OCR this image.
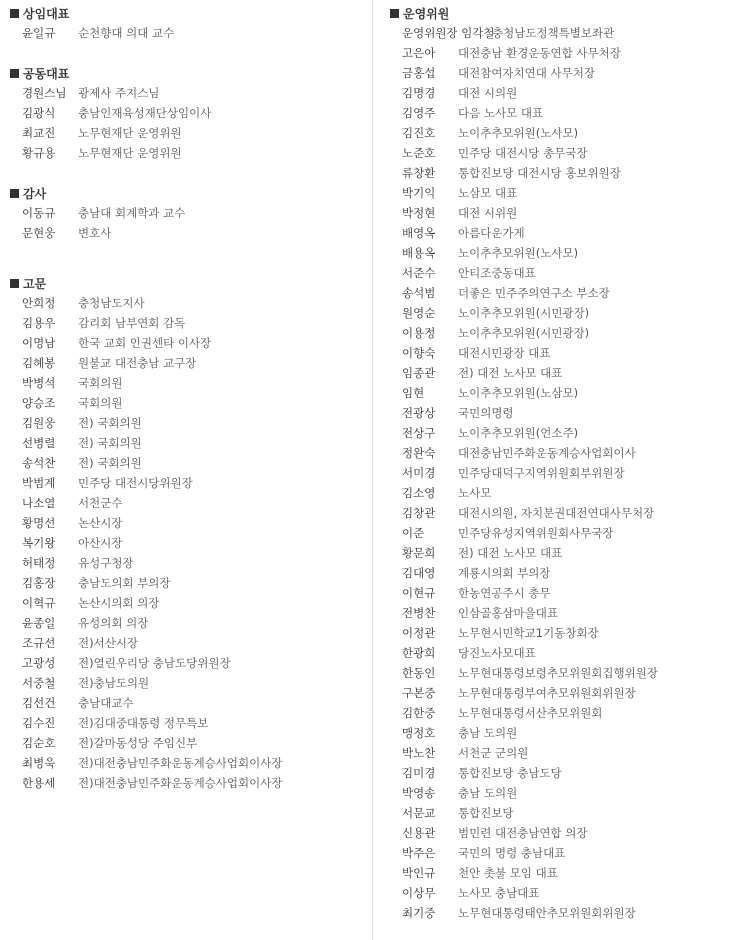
상임대표
윤일규 순천향대 의대 교수
공동대표
경원스님 광제사 주지스님
김광식 충남인재육성재단상임이사
최교진 노무현재단 운영위원
황규용 노무현재단 운영위원
감사
이동규 충남대 회계학과 교수
문현웅 변호사
고문
안희정 충청남도지사
김용우 감리회 남부연회 감독
이명남 한국 교회 인권센타 이사장
김혜봉 원불교 대전충남 교구장
박병석 국회의원
양승조 국회의원
김원웅 전) 국회의원
선병렬 전) 국회의원
송석찬 전) 국회의원
박범계 민주당 대전시당위원장
나소열 서천군수
황명선 논산시장
복기왕 아산시장
허태정 유성구청장
김홍장 충남도의회 부의장
이혁규 논산시의회 의장
윤종일 유성의회 의장
조규선 전)서산시장
고광성 전)열린우리당 충남도당위원장
서중철 전)충남도의원
김선건 충남대교수
김수진 전)김대중대통령 정무특보
김순호 전)갈마동성당 주임신부
최병욱 전)대전충남민주화운동계승사업회이사장
한용세 전)대전충남민주화운동계승사업회이사장
운영위원
운영위원장 임각철
충청남도정책특별보좌관
고은아 대전충남 환경운동연합 사무처장
금홍섭 대전참여자치연대 사무처장
김명경 대전 시의원
김영주 다음 노사모 대표
김진호 노이추추모위원(노사모)
노준호 민주당 대전시당 총무국장
류창환 통합진보당 대전시당 홍보위원장
박기익 노삼모 대표
박정현 대전 시위원
배영옥 아름다운가게
배용옥 노이추추모위원(노사모)
서준수 안티조중동대표
송석범 더좋은 민주주의연구소 부소장
원영순 노이추추모위원(시민광장)
이용정 노이추추모위원(시민광장)
이향숙 대전시민광장 대표
임종관 전) 대전 노사모 대표
임현	노이추추모위원(노삼모)
전광상 국민의명령
전상구 노이추추모위원(언소주)
정완숙 대전충남민주화운동계승사업회이사
서미경 민주당대덕구지역위원회부위원장
김소영 노사모
김창관 대전시의원, 자치분권대전연대사무처장
이준	민주당유성지역위원회사무국장
황문희 전) 대전 노사모 대표
김대영 계룡시의회 부의장
이현규 한농연공주시 총무
전병찬 인삼골홍삼마을대표
이정관 노무현시민학교1기동창회장
한광희 당진노사모대표
한동인 노무현대통령보령추모위원회집행위원장
구본중 노무현대통령부여추모위원회위원장
김한중 노무현대통령서산추모위원회
맹정호 충남 도의원
박노찬 서천군 군의원
김미경 통합진보당 충남도당
박영송 충남 도의원
서문교 통합진보당
신용관 범민련 대전충남연합 의장
박주은 국민의 명령 충남대표
박인규 천안 촛불 모임 대표
이상무 노사모 충남대표
최기중 노무현대통령태안추모위원회위원장
